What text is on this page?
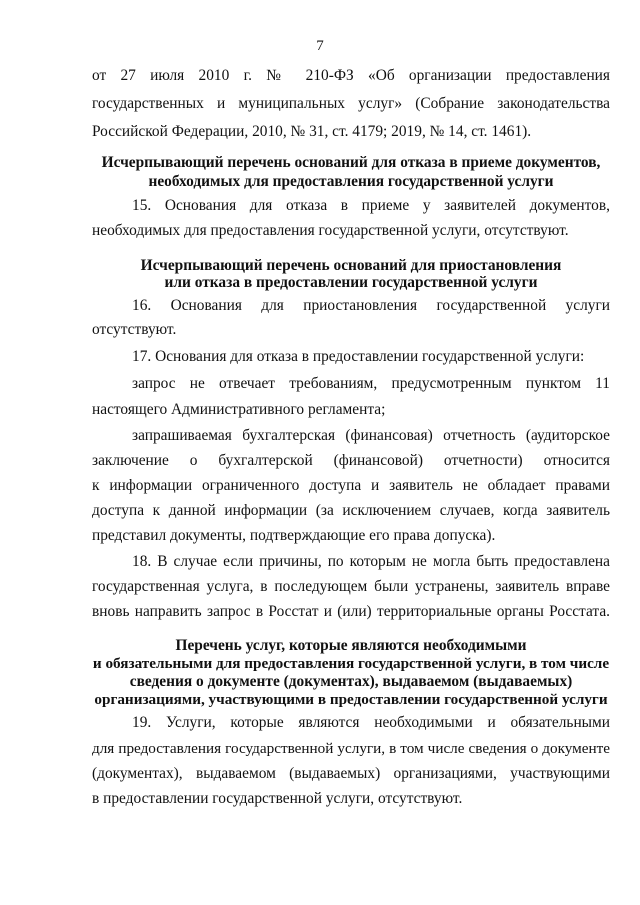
7
от 27 июля 2010 г. № 210-ФЗ «Об организации предоставления
государственных и муниципальных услуг» (Собрание законодательства
Российской Федерации, 2010, № 31, ст. 4179; 2019, № 14, ст. 1461).
Исчерпывающий перечень оснований для отказа в приеме документов,
необходимых для предоставления государственной услуги
15. Основания для отказа в приеме у заявителей документов,
необходимых для предоставления государственной услуги, отсутствуют.
Исчерпывающий перечень оснований для приостановления
или отказа в предоставлении государственной услуги
16. Основания для приостановления государственной услуги
отсутствуют.
17. Основания для отказа в предоставлении государственной услуги:
запрос не отвечает требованиям, предусмотренным пунктом 11
настоящего Административного регламента;
запрашиваемая бухгалтерская (финансовая) отчетность (аудиторское
заключение о бухгалтерской (финансовой) отчетности) относится
к информации ограниченного доступа и заявитель не обладает правами
доступа к данной информации (за исключением случаев, когда заявитель
представил документы, подтверждающие его права допуска).
18. В случае если причины, по которым не могла быть предоставлена
государственная услуга, в последующем были устранены, заявитель вправе
вновь направить запрос в Росстат и (или) территориальные органы Росстата.
Перечень услуг, которые являются необходимыми
и обязательными для предоставления государственной услуги, в том числе
сведения о документе (документах), выдаваемом (выдаваемых)
организациями, участвующими в предоставлении государственной услуги
19. Услуги, которые являются необходимыми и обязательными
для предоставления государственной услуги, в том числе сведения о документе
(документах), выдаваемом (выдаваемых) организациями, участвующими
в предоставлении государственной услуги, отсутствуют.
